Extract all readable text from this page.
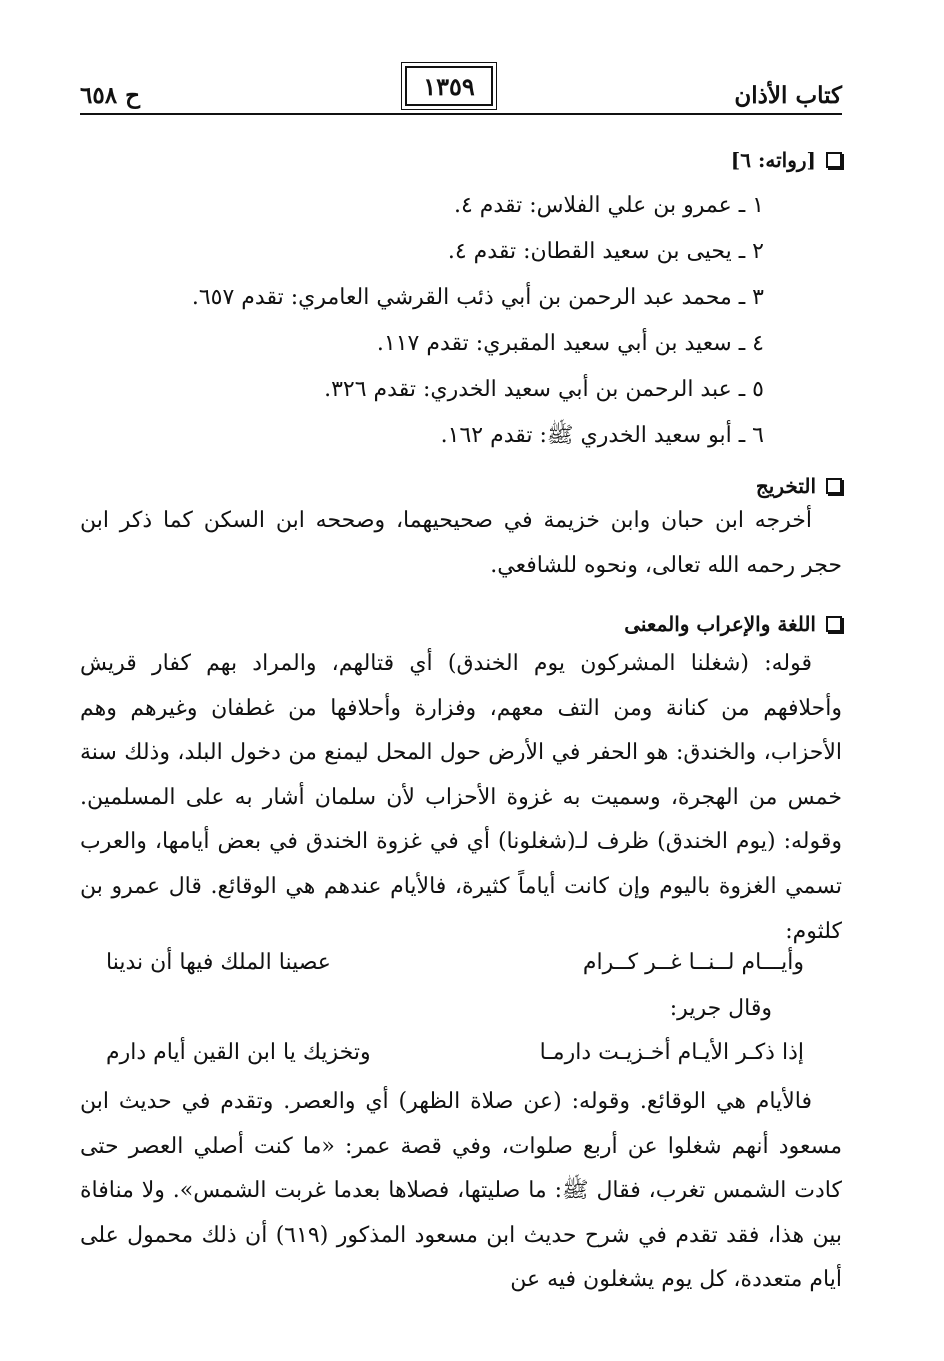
كتاب الأذان
١٣٥٩
ح ٦٥٨
[رواته: ٦]
١ ـ عمرو بن علي الفلاس: تقدم ٤.
٢ ـ يحيى بن سعيد القطان: تقدم ٤.
٣ ـ محمد عبد الرحمن بن أبي ذئب القرشي العامري: تقدم ٦٥٧.
٤ ـ سعيد بن أبي سعيد المقبري: تقدم ١١٧.
٥ ـ عبد الرحمن بن أبي سعيد الخدري: تقدم ٣٢٦.
٦ ـ أبو سعيد الخدري ﷺ: تقدم ١٦٢.
التخريج

أخرجه ابن حبان وابن خزيمة في صحيحيهما، وصححه ابن السكن كما ذكر ابن حجر رحمه الله تعالى، ونحوه للشافعي.

اللغة والإعراب والمعنى

قوله: (شغلنا المشركون يوم الخندق) أي قتالهم، والمراد بهم كفار قريش وأحلافهم من كنانة ومن التف معهم، وفزارة وأحلافها من غطفان وغيرهم وهم الأحزاب، والخندق: هو الحفر في الأرض حول المحل ليمنع من دخول البلد، وذلك سنة خمس من الهجرة، وسميت به غزوة الأحزاب لأن سلمان أشار به على المسلمين. وقوله: (يوم الخندق) ظرف لـ(شغلونا) أي في غزوة الخندق في بعض أيامها، والعرب تسمي الغزوة باليوم وإن كانت أياماً كثيرة، فالأيام عندهم هي الوقائع. قال عمرو بن كلثوم:

وأيـــام لــنــا غــر كــرام
عصينا الملك فيها أن ندينا
وقال جرير:
إذا ذكـر الأيـام أخـزيـت دارمـا
وتخزيك يا ابن القين أيام دارم

فالأيام هي الوقائع. وقوله: (عن صلاة الظهر) أي والعصر. وتقدم في حديث ابن مسعود أنهم شغلوا عن أربع صلوات، وفي قصة عمر: «ما كنت أصلي العصر حتى كادت الشمس تغرب، فقال ﷺ: ما صليتها، فصلاها بعدما غربت الشمس». ولا منافاة بين هذا، فقد تقدم في شرح حديث ابن مسعود المذكور (٦١٩) أن ذلك محمول على أيام متعددة، كل يوم يشغلون فيه عن
